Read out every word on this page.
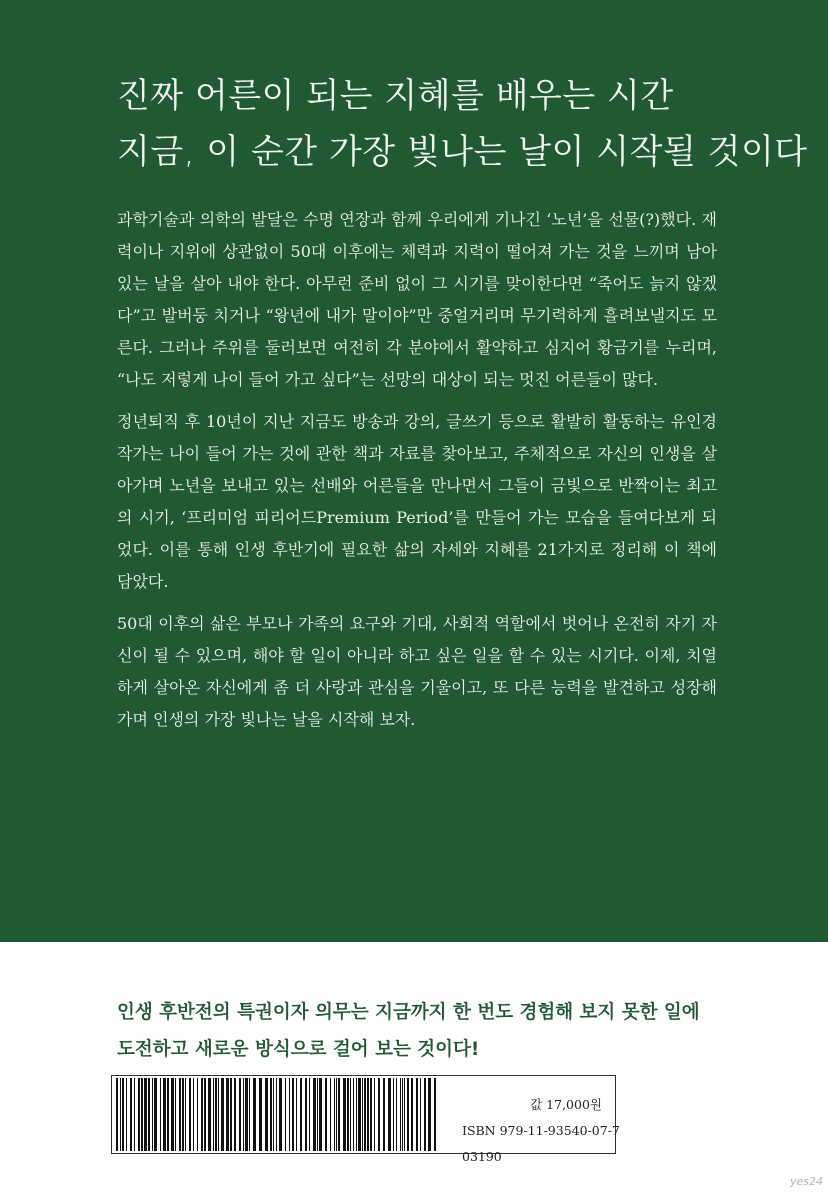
진짜 어른이 되는 지혜를 배우는 시간
지금, 이 순간 가장 빛나는 날이 시작될 것이다

과학기술과 의학의 발달은 수명 연장과 함께 우리에게 기나긴 ‘노년’을 선물(?)했다. 재력이나 지위에 상관없이 50대 이후에는 체력과 지력이 떨어져 가는 것을 느끼며 남아 있는 날을 살아 내야 한다. 아무런 준비 없이 그 시기를 맞이한다면 “죽어도 늙지 않겠다”고 발버둥 치거나 “왕년에 내가 말이야”만 중얼거리며 무기력하게 흘려보낼지도 모른다. 그러나 주위를 둘러보면 여전히 각 분야에서 활약하고 심지어 황금기를 누리며, “나도 저렇게 나이 들어 가고 싶다”는 선망의 대상이 되는 멋진 어른들이 많다.

정년퇴직 후 10년이 지난 지금도 방송과 강의, 글쓰기 등으로 활발히 활동하는 유인경 작가는 나이 들어 가는 것에 관한 책과 자료를 찾아보고, 주체적으로 자신의 인생을 살아가며 노년을 보내고 있는 선배와 어른들을 만나면서 그들이 금빛으로 반짝이는 최고의 시기, ‘프리미엄 피리어드Premium Period’를 만들어 가는 모습을 들여다보게 되었다. 이를 통해 인생 후반기에 필요한 삶의 자세와 지혜를 21가지로 정리해 이 책에 담았다.

50대 이후의 삶은 부모나 가족의 요구와 기대, 사회적 역할에서 벗어나 온전히 자기 자신이 될 수 있으며, 해야 할 일이 아니라 하고 싶은 일을 할 수 있는 시기다. 이제, 치열하게 살아온 자신에게 좀 더 사랑과 관심을 기울이고, 또 다른 능력을 발견하고 성장해 가며 인생의 가장 빛나는 날을 시작해 보자.

인생 후반전의 특권이자 의무는 지금까지 한 번도 경험해 보지 못한 일에
도전하고 새로운 방식으로 걸어 보는 것이다!
값 17,000원
ISBN 979-11-93540-07-7 03190
yes24
